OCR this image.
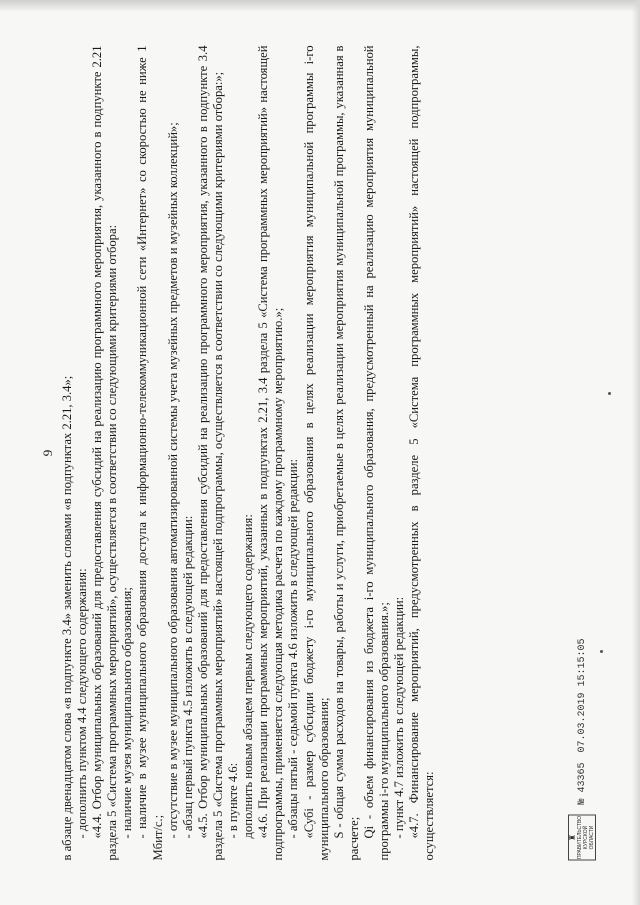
9 в абзаце двенадцатом слова «в подпункте 3.4» заменить словами «в подпунктах 2.21, 3.4»; - дополнить пунктом 4.4 следующего содержания: «4.4. Отбор муниципальных образований для предоставления субсидий на реализацию программного мероприятия, указанного в подпункте 2.21 раздела 5 «Система программных мероприятий», осуществляется в соответствии со следующими критериями отбора: - наличие музея муниципального образования; - наличие в музее муниципального образования доступа к информационно-телекоммуникационной сети «Интернет» со скоростью не ниже 1 Мбит/с.; - отсутствие в музее муниципального образования автоматизированной системы учета музейных предметов и музейных коллекций»; - абзац первый пункта 4.5 изложить в следующей редакции: «4.5. Отбор муниципальных образований для предоставления субсидий на реализацию программного мероприятия, указанного в подпункте 3.4 раздела 5 «Система программных мероприятий» настоящей подпрограммы, осуществляется в соответствии со следующими критериями отбора:»; - в пункте 4.6: дополнить новым абзацем первым следующего содержания: «4.6. При реализации программных мероприятий, указанных в подпунктах 2.21, 3.4 раздела 5 «Система программных мероприятий» настоящей подпрограммы, применяется следующая методика расчета по каждому программному мероприятию.»; - абзацы пятый - седьмой пункта 4.6 изложить в следующей редакции: «Субі - размер субсидии бюджету i-го муниципального образования в целях реализации мероприятия муниципальной программы i-го муниципального образования; S - общая сумма расходов на товары, работы и услуги, приобретаемые в целях реализации мероприятия муниципальной программы, указанная в расчете;

Qi - объем финансирования из бюджета i-го муниципального образования, предусмотренный на реализацию мероприятия муниципальной программы i-го муниципального образования.»; - пункт 4.7 изложить в следующей редакции: «4.7. Финансирование мероприятий, предусмотренных в разделе 5 «Система программных мероприятий» настоящей подпрограммы, осуществляется:	♜ ПРАВИТЕЛЬСТВО КУРСКОЙ ОБЛАСТИ
№ 43365
07.03.2019 15:15:05
